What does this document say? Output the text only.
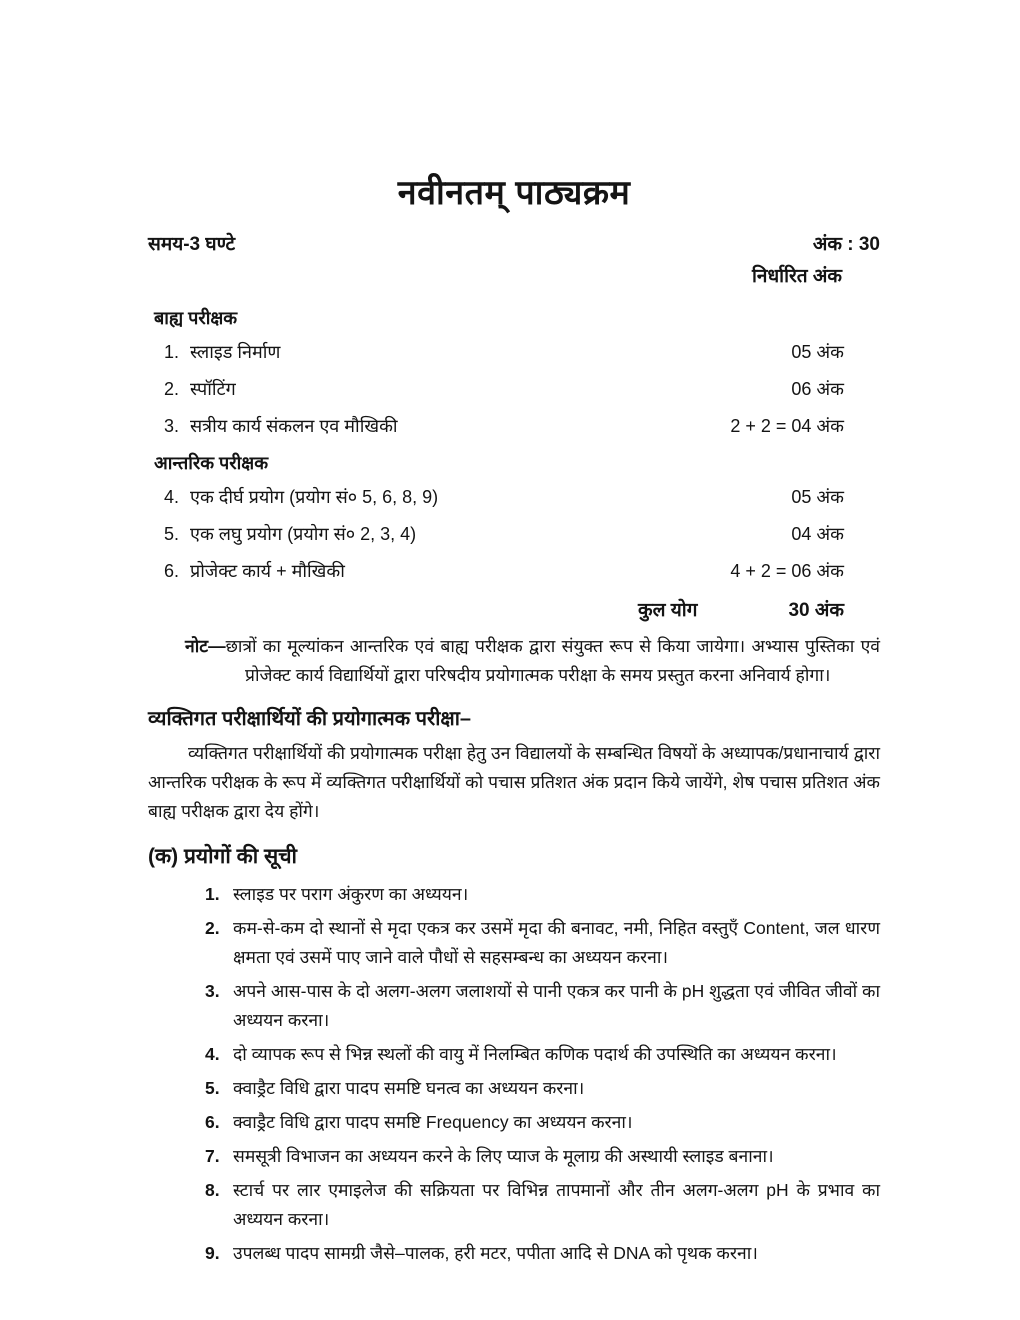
नवीनतम् पाठ्यक्रम
समय-3 घण्टे	अंक : 30
निर्धारित अंक
बाह्य परीक्षक
1. स्लाइड निर्माण	05 अंक
2. स्पॉटिंग	06 अंक
3. सत्रीय कार्य संकलन एव मौखिकी	2 + 2 = 04 अंक
आन्तरिक परीक्षक
4. एक दीर्घ प्रयोग (प्रयोग सं० 5, 6, 8, 9)	05 अंक
5. एक लघु प्रयोग (प्रयोग सं० 2, 3, 4)	04 अंक
6. प्रोजेक्ट कार्य + मौखिकी	4 + 2 = 06 अंक
कुल योग	30 अंक
नोट—छात्रों का मूल्यांकन आन्तरिक एवं बाह्य परीक्षक द्वारा संयुक्त रूप से किया जायेगा। अभ्यास पुस्तिका एवं प्रोजेक्ट कार्य विद्यार्थियों द्वारा परिषदीय प्रयोगात्मक परीक्षा के समय प्रस्तुत करना अनिवार्य होगा।
व्यक्तिगत परीक्षार्थियों की प्रयोगात्मक परीक्षा–

व्यक्तिगत परीक्षार्थियों की प्रयोगात्मक परीक्षा हेतु उन विद्यालयों के सम्बन्धित विषयों के अध्यापक/प्रधानाचार्य द्वारा आन्तरिक परीक्षक के रूप में व्यक्तिगत परीक्षार्थियों को पचास प्रतिशत अंक प्रदान किये जायेंगे, शेष पचास प्रतिशत अंक बाह्य परीक्षक द्वारा देय होंगे।

(क) प्रयोगों की सूची
1. स्लाइड पर पराग अंकुरण का अध्ययन।
2. कम-से-कम दो स्थानों से मृदा एकत्र कर उसमें मृदा की बनावट, नमी, निहित वस्तुएँ Content, जल धारण क्षमता एवं उसमें पाए जाने वाले पौधों से सहसम्बन्ध का अध्ययन करना।
3. अपने आस-पास के दो अलग-अलग जलाशयों से पानी एकत्र कर पानी के pH शुद्धता एवं जीवित जीवों का अध्ययन करना।
4. दो व्यापक रूप से भिन्न स्थलों की वायु में निलम्बित कणिक पदार्थ की उपस्थिति का अध्ययन करना।
5. क्वाड्रैट विधि द्वारा पादप समष्टि घनत्व का अध्ययन करना।
6. क्वाड्रैट विधि द्वारा पादप समष्टि Frequency का अध्ययन करना।
7. समसूत्री विभाजन का अध्ययन करने के लिए प्याज के मूलाग्र की अस्थायी स्लाइड बनाना।
8. स्टार्च पर लार एमाइलेज की सक्रियता पर विभिन्न तापमानों और तीन अलग-अलग pH के प्रभाव का अध्ययन करना।
9. उपलब्ध पादप सामग्री जैसे–पालक, हरी मटर, पपीता आदि से DNA को पृथक करना।
